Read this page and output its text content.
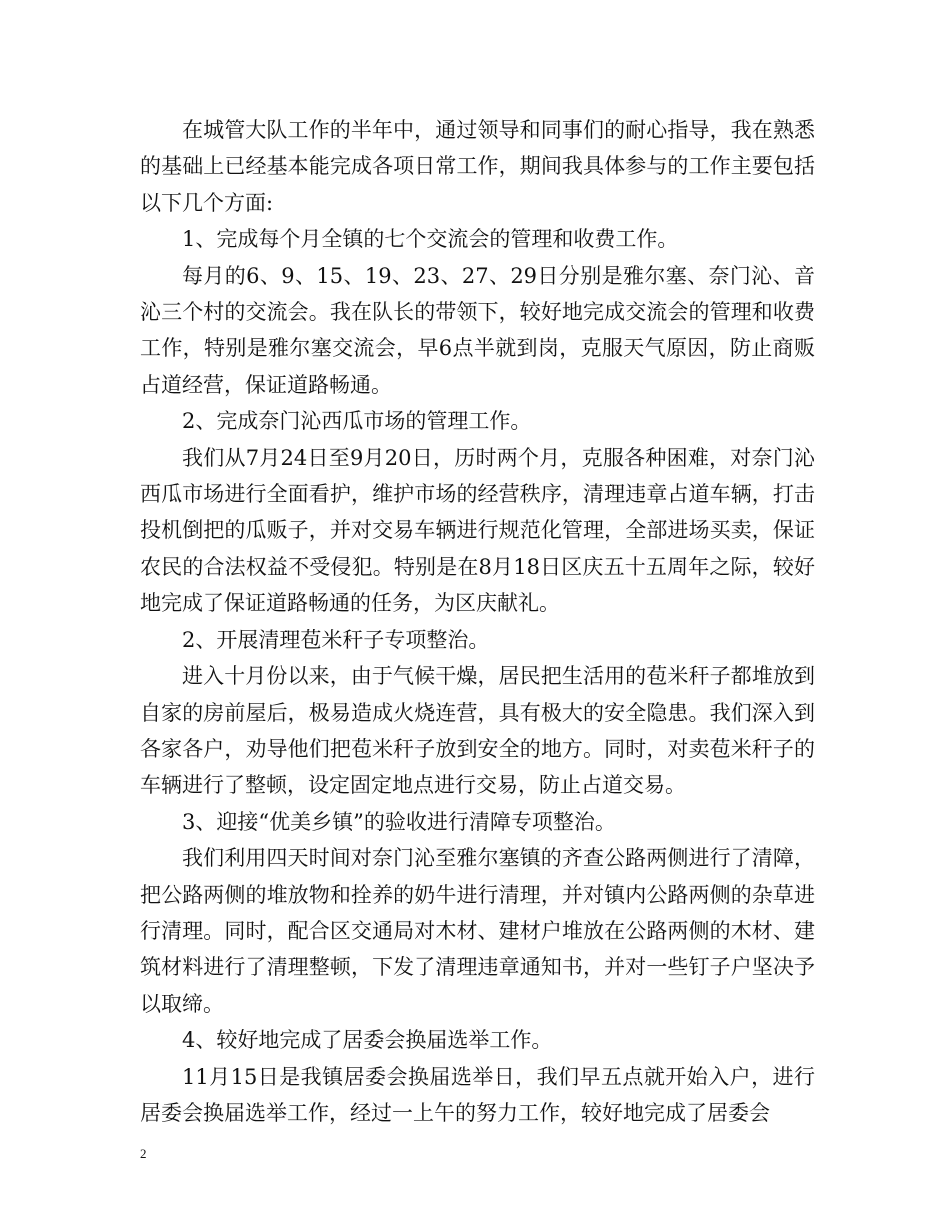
在城管大队工作的半年中，通过领导和同事们的耐心指导，我在熟悉的基础上已经基本能完成各项日常工作，期间我具体参与的工作主要包括以下几个方面:

1、完成每个月全镇的七个交流会的管理和收费工作。

每月的6、9、15、19、23、27、29日分别是雅尔塞、奈门沁、音沁三个村的交流会。我在队长的带领下，较好地完成交流会的管理和收费工作，特别是雅尔塞交流会，早6点半就到岗，克服天气原因，防止商贩占道经营，保证道路畅通。

2、完成奈门沁西瓜市场的管理工作。

我们从7月24日至9月20日，历时两个月，克服各种困难，对奈门沁西瓜市场进行全面看护，维护市场的经营秩序，清理违章占道车辆，打击投机倒把的瓜贩子，并对交易车辆进行规范化管理，全部进场买卖，保证农民的合法权益不受侵犯。特别是在8月18日区庆五十五周年之际，较好地完成了保证道路畅通的任务，为区庆献礼。

2、开展清理苞米秆子专项整治。

进入十月份以来，由于气候干燥，居民把生活用的苞米秆子都堆放到自家的房前屋后，极易造成火烧连营，具有极大的安全隐患。我们深入到各家各户，劝导他们把苞米秆子放到安全的地方。同时，对卖苞米秆子的车辆进行了整顿，设定固定地点进行交易，防止占道交易。

3、迎接“优美乡镇”的验收进行清障专项整治。

我们利用四天时间对奈门沁至雅尔塞镇的齐查公路两侧进行了清障，把公路两侧的堆放物和拴养的奶牛进行清理，并对镇内公路两侧的杂草进行清理。同时，配合区交通局对木材、建材户堆放在公路两侧的木材、建筑材料进行了清理整顿，下发了清理违章通知书，并对一些钉子户坚决予以取缔。

4、较好地完成了居委会换届选举工作。

11月15日是我镇居委会换届选举日，我们早五点就开始入户，进行居委会换届选举工作，经过一上午的努力工作，较好地完成了居委会

2
